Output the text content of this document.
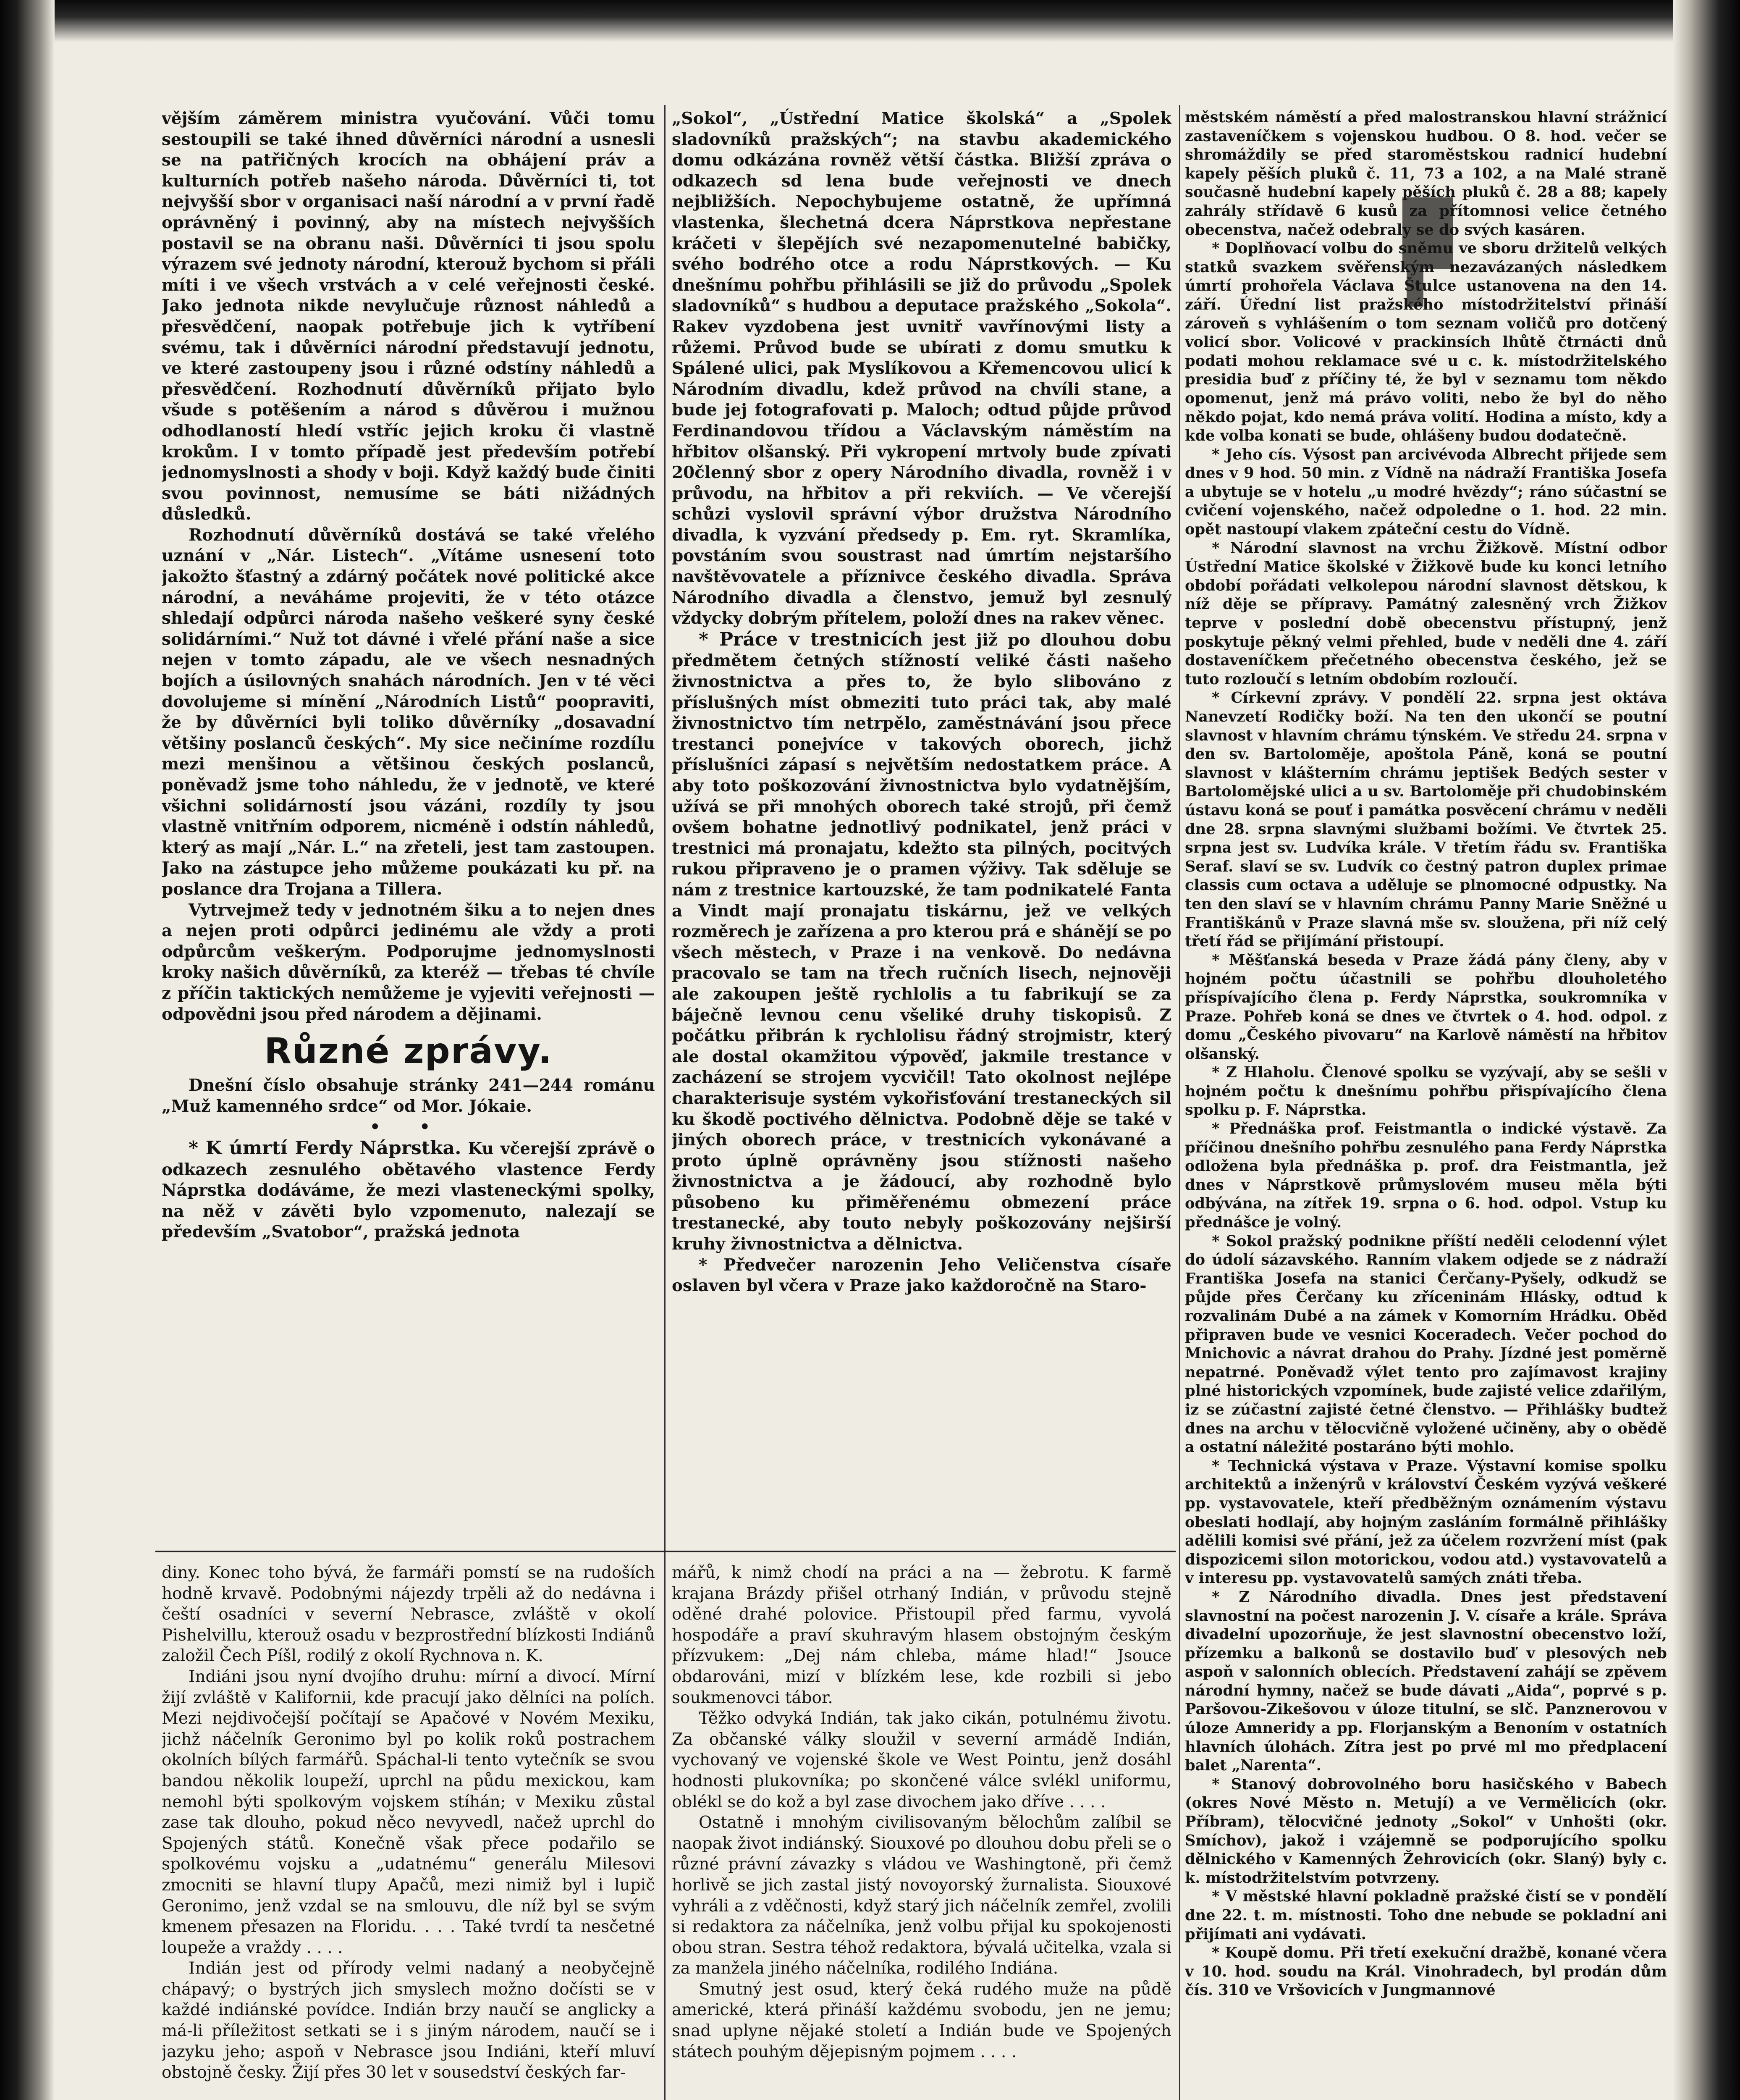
vějším záměrem ministra vyučování. Vůči tomu sestoupili se také ihned důvěrníci národní a usnesli se na patřičných krocích na obhájení práv a kulturních potřeb našeho národa. Důvěrníci ti, tot nejvyšší sbor v organisaci naší národní a v první řadě oprávněný i povinný, aby na místech nejvyšších postavil se na obranu naši. Důvěrníci ti jsou spolu výrazem své jednoty národní, kterouž bychom si přáli míti i ve všech vrstvách a v celé veřejnosti české. Jako jednota nikde nevylučuje různost náhledů a přesvědčení, naopak potřebuje jich k vytříbení svému, tak i důvěrníci národní představují jednotu, ve které zastoupeny jsou i různé odstíny náhledů a přesvědčení. Rozhodnutí důvěrníků přijato bylo všude s potěšením a národ s důvěrou i mužnou odhodlaností hledí vstříc jejich kroku či vlastně krokům. I v tomto případě jest především potřebí jednomyslnosti a shody v boji. Když každý bude činiti svou povinnost, nemusíme se báti nižádných důsledků.

Rozhodnutí důvěrníků dostává se také vřelého uznání v „Nár. Listech“. „Vítáme usnesení toto jakožto šťastný a zdárný počátek nové politické akce národní, a neváháme projeviti, že v této otázce shledají odpůrci národa našeho veškeré syny české solidárními.“ Nuž tot dávné i vřelé přání naše a sice nejen v tomto západu, ale ve všech nesnadných bojích a úsilovných snahách národních. Jen v té věci dovolujeme si mínění „Národních Listů“ poopraviti, že by důvěrníci byli toliko důvěrníky „dosavadní většiny poslanců českých“. My sice nečiníme rozdílu mezi menšinou a většinou českých poslanců, poněvadž jsme toho náhledu, že v jednotě, ve které všichni solidárností jsou vázáni, rozdíly ty jsou vlastně vnitřním odporem, nicméně i odstín náhledů, který as mají „Nár. L.“ na zřeteli, jest tam zastoupen. Jako na zástupce jeho můžeme poukázati ku př. na poslance dra Trojana a Tillera.

Vytrvejmež tedy v jednotném šiku a to nejen dnes a nejen proti odpůrci jedinému ale vždy a proti odpůrcům veškerým. Podporujme jednomyslnosti kroky našich důvěrníků, za kteréž — třebas té chvíle z příčin taktických nemůžeme je vyjeviti veřejnosti — odpovědni jsou před národem a dějinami.

Různé zprávy.

Dnešní číslo obsahuje stránky 241—244 románu „Muž kamenného srdce“ od Mor. Jókaie.

• •

* K úmrtí Ferdy Náprstka. Ku včerejší zprávě o odkazech zesnulého obětavého vlastence Ferdy Náprstka dodáváme, že mezi vlasteneckými spolky, na něž v závěti bylo vzpomenuto, nalezají se především „Svatobor“, pražská jednota

„Sokol“, „Ústřední Matice školská“ a „Spolek sladovníků pražských“; na stavbu akademického domu odkázána rovněž větší částka. Bližší zpráva o odkazech sd lena bude veřejnosti ve dnech nejbližších. Nepochybujeme ostatně, že upřímná vlastenka, šlechetná dcera Náprstkova nepřestane kráčeti v šlepějích své nezapomenutelné babičky, svého bodrého otce a rodu Náprstkových. — Ku dnešnímu pohřbu přihlásili se již do průvodu „Spolek sladovníků“ s hudbou a deputace pražského „Sokola“. Rakev vyzdobena jest uvnitř vavřínovými listy a růžemi. Průvod bude se ubírati z domu smutku k Spálené ulici, pak Myslíkovou a Křemencovou ulicí k Národním divadlu, kdež průvod na chvíli stane, a bude jej fotografovati p. Maloch; odtud půjde průvod Ferdinandovou třídou a Václavským náměstím na hřbitov olšanský. Při vykropení mrtvoly bude zpívati 20členný sbor z opery Národního divadla, rovněž i v průvodu, na hřbitov a při rekviích. — Ve včerejší schůzi vyslovil správní výbor družstva Národního divadla, k vyzvání předsedy p. Em. ryt. Skramlíka, povstáním svou soustrast nad úmrtím nejstaršího navštěvovatele a příznivce českého divadla. Správa Národního divadla a členstvo, jemuž byl zesnulý vždycky dobrým přítelem, položí dnes na rakev věnec.

* Práce v trestnicích jest již po dlouhou dobu předmětem četných stížností veliké části našeho živnostnictva a přes to, že bylo slibováno z příslušných míst obmeziti tuto práci tak, aby malé živnostnictvo tím netrpělo, zaměstnávání jsou přece trestanci ponejvíce v takových oborech, jichž příslušníci zápasí s největším nedostatkem práce. A aby toto poškozování živnostnictva bylo vydatnějším, užívá se při mnohých oborech také strojů, při čemž ovšem bohatne jednotlivý podnikatel, jenž práci v trestnici má pronajatu, kdežto sta pilných, pocitvých rukou připraveno je o pramen výživy. Tak sděluje se nám z trestnice kartouzské, že tam podnikatelé Fanta a Vindt mají pronajatu tiskárnu, jež ve velkých rozměrech je zařízena a pro kterou prá e shánějí se po všech městech, v Praze i na venkově. Do nedávna pracovalo se tam na třech ručních lisech, nejnověji ale zakoupen ještě rychlolis a tu fabrikují se za báječně levnou cenu všeliké druhy tiskopisů. Z počátku přibrán k rychlolisu řádný strojmistr, který ale dostal okamžitou výpověď, jakmile trestance v zacházení se strojem vycvičil! Tato okolnost nejlépe charakterisuje systém vykořisťování trestaneckých sil ku škodě poctivého dělnictva. Podobně děje se také v jiných oborech práce, v trestnicích vykonávané a proto úplně oprávněny jsou stížnosti našeho živnostnictva a je žádoucí, aby rozhodně bylo působeno ku přiměřenému obmezení práce trestanecké, aby touto nebyly poškozovány nejširší kruhy živnostnictva a dělnictva.

* Předvečer narozenin Jeho Veličenstva císaře oslaven byl včera v Praze jako každoročně na Staro-

městském náměstí a před malostranskou hlavní strážnicí zastaveníčkem s vojenskou hudbou. O 8. hod. večer se shromáždily se před staroměstskou radnicí hudební kapely pěších pluků č. 11, 73 a 102, a na Malé straně současně hudební kapely pěších pluků č. 28 a 88; kapely zahrály střídavě 6 kusů za přítomnosi velice četného obecenstva, načež odebraly se do svých kasáren.

* Doplňovací volbu do sněmu ve sboru držitelů velkých statků svazkem svěřenským nezavázaných následkem úmrtí prohořela Václava Štulce ustanovena na den 14. září. Úřední list pražského místodržitelství přináší zároveň s vyhlášením o tom seznam voličů pro dotčený volicí sbor. Volicové v prackinsích lhůtě čtrnácti dnů podati mohou reklamace své u c. k. místodržitelského presidia buď z příčiny té, že byl v seznamu tom někdo opomenut, jenž má právo voliti, nebo že byl do něho někdo pojat, kdo nemá práva volití. Hodina a místo, kdy a kde volba konati se bude, ohlášeny budou dodatečně.

* Jeho cís. Výsost pan arcivévoda Albrecht přijede sem dnes v 9 hod. 50 min. z Vídně na nádraží Františka Josefa a ubytuje se v hotelu „u modré hvězdy“; ráno súčastní se cvičení vojenského, načež odpoledne o 1. hod. 22 min. opět nastoupí vlakem zpáteční cestu do Vídně.

* Národní slavnost na vrchu Žižkově. Místní odbor Ústřední Matice školské v Žižkově bude ku konci letního období pořádati velkolepou národní slavnost dětskou, k níž děje se přípravy. Památný zalesněný vrch Žižkov teprve v poslední době obecenstvu přístupný, jenž poskytuje pěkný velmi přehled, bude v neděli dne 4. září dostaveníčkem přečetného obecenstva českého, jež se tuto rozloučí s letním obdobím rozloučí.

* Církevní zprávy. V pondělí 22. srpna jest oktáva Nanevzetí Rodičky boží. Na ten den ukončí se poutní slavnost v hlavním chrámu týnském. Ve středu 24. srpna v den sv. Bartoloměje, apoštola Páně, koná se poutní slavnost v klášterním chrámu jeptišek Bedých sester v Bartolomějské ulici a u sv. Bartoloměje při chudobinském ústavu koná se pouť i památka posvěcení chrámu v neděli dne 28. srpna slavnými službami božími. Ve čtvrtek 25. srpna jest sv. Ludvíka krále. V třetím řádu sv. Františka Seraf. slaví se sv. Ludvík co čestný patron duplex primae classis cum octava a uděluje se plnomocné odpustky. Na ten den slaví se v hlavním chrámu Panny Marie Sněžné u Františkánů v Praze slavná mše sv. sloužena, při níž celý třetí řád se přijímání přistoupí.

* Měšťanská beseda v Praze žádá pány členy, aby v hojném počtu účastnili se pohřbu dlouholetého příspívajícího člena p. Ferdy Náprstka, soukromníka v Praze. Pohřeb koná se dnes ve čtvrtek o 4. hod. odpol. z domu „Českého pivovaru“ na Karlově náměstí na hřbitov olšanský.

* Z Hlaholu. Členové spolku se vyzývají, aby se sešli v hojném počtu k dnešnímu pohřbu přispívajícího člena spolku p. F. Náprstka.

* Přednáška prof. Feistmantla o indické výstavě. Za příčinou dnešního pohřbu zesnulého pana Ferdy Náprstka odložena byla přednáška p. prof. dra Feistmantla, jež dnes v Náprstkově průmyslovém museu měla býti odbývána, na zítřek 19. srpna o 6. hod. odpol. Vstup ku přednášce je volný.

* Sokol pražský podnikne příští neděli celodenní výlet do údolí sázavského. Ranním vlakem odjede se z nádraží Františka Josefa na stanici Čerčany-Pyšely, odkudž se půjde přes Čerčany ku zříceninám Hlásky, odtud k rozvalinám Dubé a na zámek v Komorním Hrádku. Oběd připraven bude ve vesnici Koceradech. Večer pochod do Mnichovic a návrat drahou do Prahy. Jízdné jest poměrně nepatrné. Poněvadž výlet tento pro zajímavost krajiny plné historických vzpomínek, bude zajisté velice zdařilým, iz se zúčastní zajisté četné členstvo. — Přihlášky budtež dnes na archu v tělocvičně vyložené učiněny, aby o obědě a ostatní náležité postaráno býti mohlo.

* Technická výstava v Praze. Výstavní komise spolku architektů a inženýrů v království Českém vyzývá veškeré pp. vystavovatele, kteří předběžným oznámením výstavu obeslati hodlají, aby hojným zasláním formálně přihlášky adělili komisi své přání, jež za účelem rozvržení míst (pak dispozicemi silon motorickou, vodou atd.) vystavovatelů a v interesu pp. vystavovatelů samých znáti třeba.

* Z Národního divadla. Dnes jest představení slavnostní na počest narozenin J. V. císaře a krále. Správa divadelní upozorňuje, že jest slavnostní obecenstvo loží, přízemku a balkonů se dostavilo buď v plesových neb aspoň v salonních oblecích. Představení zahájí se zpěvem národní hymny, načež se bude dávati „Aida“, poprvé s p. Paršovou-Zikešovou v úloze titulní, se slč. Panznerovou v úloze Amneridy a pp. Florjanským a Benoním v ostatních hlavních úlohách. Zítra jest po prvé ml mo předplacení balet „Narenta“.

* Stanový dobrovolného boru hasičského v Babech (okres Nové Město n. Metují) a ve Vermělicích (okr. Příbram), tělocvičné jednoty „Sokol“ v Unhošti (okr. Smíchov), jakož i vzájemně se podporujícího spolku dělnického v Kamenných Žehrovicích (okr. Slaný) byly c. k. místodržitelstvím potvrzeny.

* V městské hlavní pokladně pražské čistí se v pondělí dne 22. t. m. místnosti. Toho dne nebude se pokladní ani přijímati ani vydávati.

* Koupě domu. Při třetí exekuční dražbě, konané včera v 10. hod. soudu na Král. Vinohradech, byl prodán dům čís. 310 ve Vršovicích v Jungmannové

diny. Konec toho bývá, že farmáři pomstí se na rudoších hodně krvavě. Podobnými nájezdy trpěli až do nedávna i čeští osadníci v severní Nebrasce, zvláště v okolí Pishelvillu, kterouž osadu v bezprostřední blízkosti Indiánů založil Čech Píšl, rodilý z okolí Rychnova n. K.

Indiáni jsou nyní dvojího druhu: mírní a divocí. Mírní žijí zvláště v Kalifornii, kde pracují jako dělníci na polích. Mezi nejdivočejší počítají se Apačové v Novém Mexiku, jichž náčelník Geronimo byl po kolik roků postrachem okolních bílých farmářů. Spáchal-li tento vytečník se svou bandou několik loupeží, uprchl na půdu mexickou, kam nemohl býti spolkovým vojskem stíhán; v Mexiku zůstal zase tak dlouho, pokud něco nevyvedl, načež uprchl do Spojených států. Konečně však přece podařilo se spolkovému vojsku a „udatnému“ generálu Milesovi zmocniti se hlavní tlupy Apačů, mezi nimiž byl i lupič Geronimo, jenž vzdal se na smlouvu, dle níž byl se svým kmenem přesazen na Floridu. . . . Také tvrdí ta nesčetné loupeže a vraždy . . . .

Indián jest od přírody velmi nadaný a neobyčejně chápavý; o bystrých jich smyslech možno dočísti se v každé indiánské povídce. Indián brzy naučí se anglicky a má-li příležitost setkati se i s jiným národem, naučí se i jazyku jeho; aspoň v Nebrasce jsou Indiáni, kteří mluví obstojně česky. Žijí přes 30 let v sousedství českých far-

mářů, k nimž chodí na práci a na — žebrotu. K farmě krajana Brázdy přišel otrhaný Indián, v průvodu stejně oděné drahé polovice. Přistoupil před farmu, vyvolá hospodáře a praví skuhravým hlasem obstojným českým přízvukem: „Dej nám chleba, máme hlad!“ Jsouce obdarováni, mizí v blízkém lese, kde rozbili si jebo soukmenovci tábor.

Těžko odvyká Indián, tak jako cikán, potulnému životu. Za občanské války sloužil v severní armádě Indián, vychovaný ve vojenské škole ve West Pointu, jenž dosáhl hodnosti plukovníka; po skončené válce svlékl uniformu, oblékl se do kož a byl zase divochem jako dříve . . . .

Ostatně i mnohým civilisovaným bělochům zalíbil se naopak život indiánský. Siouxové po dlouhou dobu přeli se o různé právní závazky s vládou ve Washingtoně, při čemž horlivě se jich zastal jistý novoyorský žurnalista. Siouxové vyhráli a z vděčnosti, když starý jich náčelník zemřel, zvolili si redaktora za náčelníka, jenž volbu přijal ku spokojenosti obou stran. Sestra téhož redaktora, bývalá učitelka, vzala si za manžela jiného náčelníka, rodilého Indiána.

Smutný jest osud, který čeká rudého muže na půdě americké, která přináší každému svobodu, jen ne jemu; snad uplyne nějaké století a Indián bude ve Spojených státech pouhým dějepisným pojmem . . . .
